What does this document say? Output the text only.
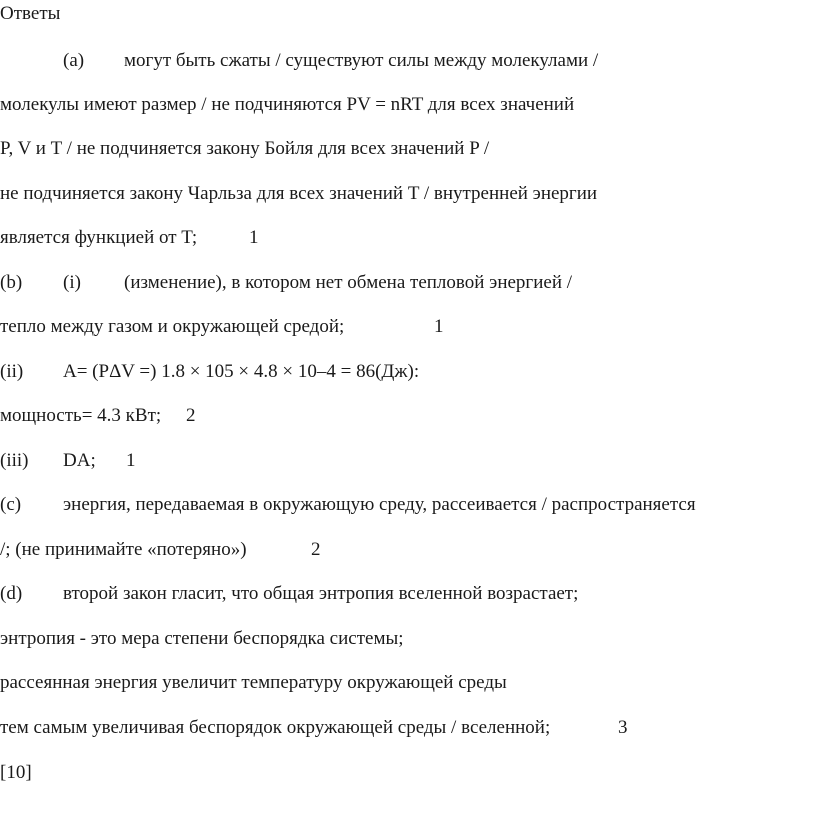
Ответы
(a) могут быть сжаты / существуют силы между молекулами /
молекулы имеют размер / не подчиняются PV = nRT для всех значений
P, V и T / не подчиняется закону Бойля для всех значений P /
не подчиняется закону Чарльза для всех значений T / внутренней энергии
является функцией от T;	1
(b) (i) (изменение), в котором нет обмена тепловой энергией /
тепло между газом и окружающей средой;	1
(ii) A= (PΔV =) 1.8 × 105 × 4.8 × 10–4 = 86(Дж):
мощность= 4.3 кВт; 2
(iii) DA; 1
(c) энергия, передаваемая в окружающую среду, рассеивается / распространяется
/; (не принимайте «потеряно»)	2
(d) второй закон гласит, что общая энтропия вселенной возрастает;
энтропия - это мера степени беспорядка системы;
рассеянная энергия увеличит температуру окружающей среды
тем самым увеличивая беспорядок окружающей среды / вселенной;	3
[10]
